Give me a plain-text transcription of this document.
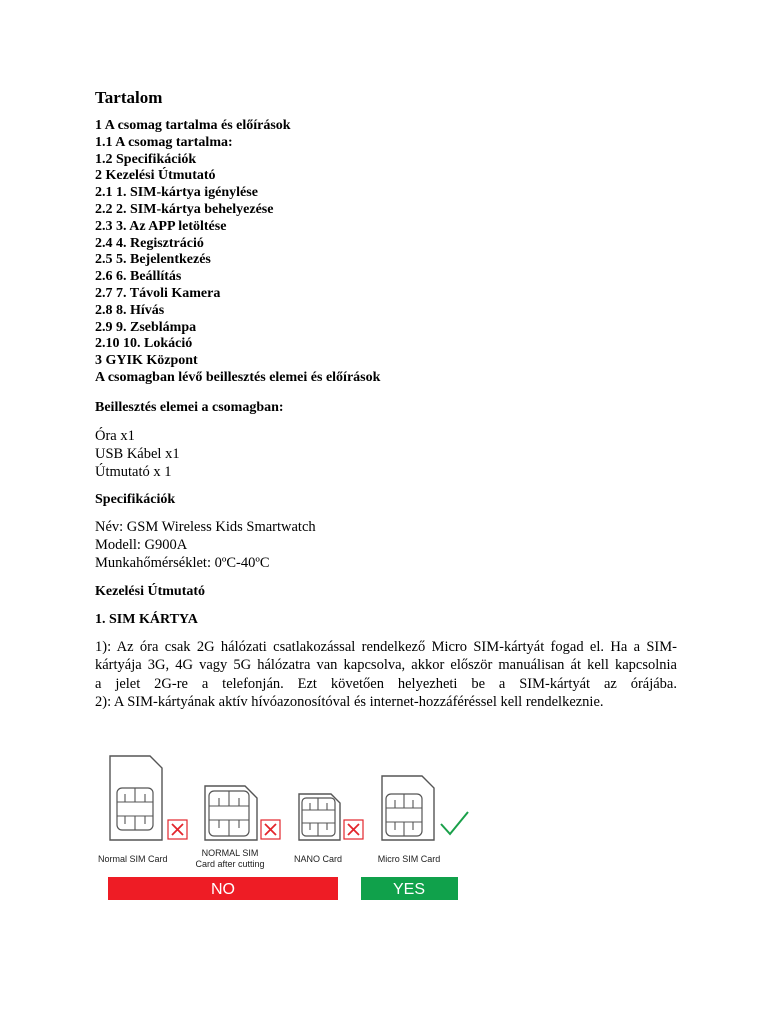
Tartalom
1 A csomag tartalma és előírások
1.1 A csomag tartalma:
1.2 Specifikációk
2 Kezelési Útmutató
2.1 1. SIM-kártya igénylése
2.2 2. SIM-kártya behelyezése
2.3 3. Az APP letöltése
2.4 4. Regisztráció
2.5 5. Bejelentkezés
2.6 6. Beállítás
2.7 7. Távoli Kamera
2.8 8. Hívás
2.9 9. Zseblámpa
2.10 10. Lokáció
3 GYIK Központ
A csomagban lévő beillesztés elemei és előírások
Beillesztés elemei a csomagban:
Óra x1
USB Kábel x1
Útmutató x 1
Specifikációk
Név: GSM Wireless Kids Smartwatch
Modell: G900A
Munkahőmérséklet: 0ºC-40ºC
Kezelési Útmutató
1. SIM KÁRTYA
1): Az óra csak 2G hálózati csatlakozással rendelkező Micro SIM-kártyát fogad el. Ha a SIM-
kártyája 3G, 4G vagy 5G hálózatra van kapcsolva, akkor először manuálisan át kell kapcsolnia
a jelet 2G-re a telefonján. Ezt követően helyezheti be a SIM-kártyát az órájába.
2): A SIM-kártyának aktív hívóazonosítóval és internet-hozzáféréssel kell rendelkeznie.
Normal SIM Card
NORMAL SIM
Card after cutting	NANO Card	Micro SIM Card
NO	YES
